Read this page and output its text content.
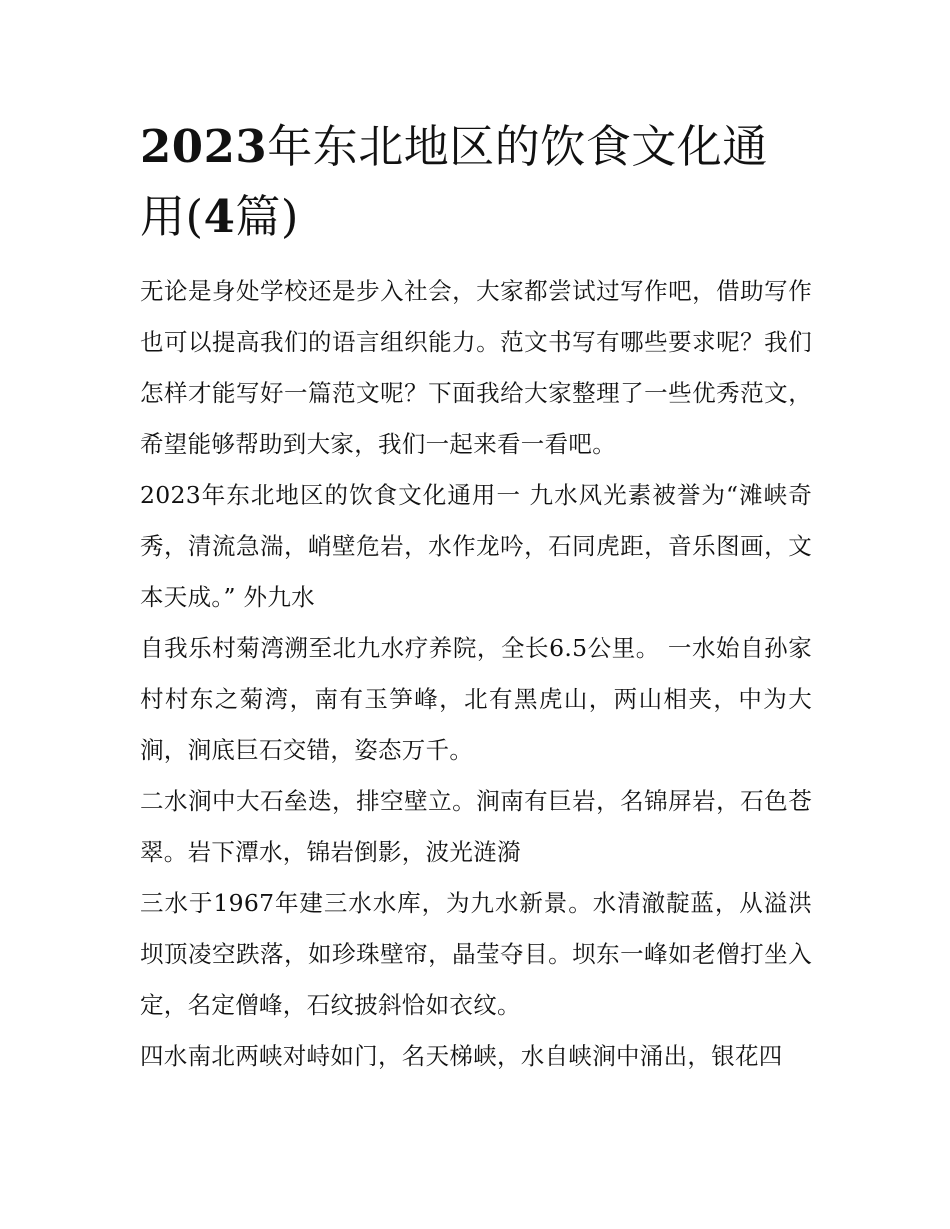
2023年东北地区的饮食文化通用(4篇)

无论是身处学校还是步入社会，大家都尝试过写作吧，借助写作也可以提高我们的语言组织能力。范文书写有哪些要求呢？我们怎样才能写好一篇范文呢？下面我给大家整理了一些优秀范文，希望能够帮助到大家，我们一起来看一看吧。

2023年东北地区的饮食文化通用一 九水风光素被誉为“滩峡奇秀，清流急湍，峭壁危岩，水作龙吟，石同虎距，音乐图画，文本天成。” 外九水

自我乐村菊湾溯至北九水疗养院，全长6.5公里。 一水始自孙家村村东之菊湾，南有玉笋峰，北有黑虎山，两山相夹，中为大涧，涧底巨石交错，姿态万千。

二水涧中大石垒迭，排空壁立。涧南有巨岩，名锦屏岩，石色苍翠。岩下潭水，锦岩倒影，波光涟漪

三水于1967年建三水水库，为九水新景。水清澈靛蓝，从溢洪坝顶凌空跌落，如珍珠壁帘，晶莹夺目。坝东一峰如老僧打坐入定，名定僧峰，石纹披斜恰如衣纹。

四水南北两峡对峙如门，名天梯峡，水自峡涧中涌出，银花四
